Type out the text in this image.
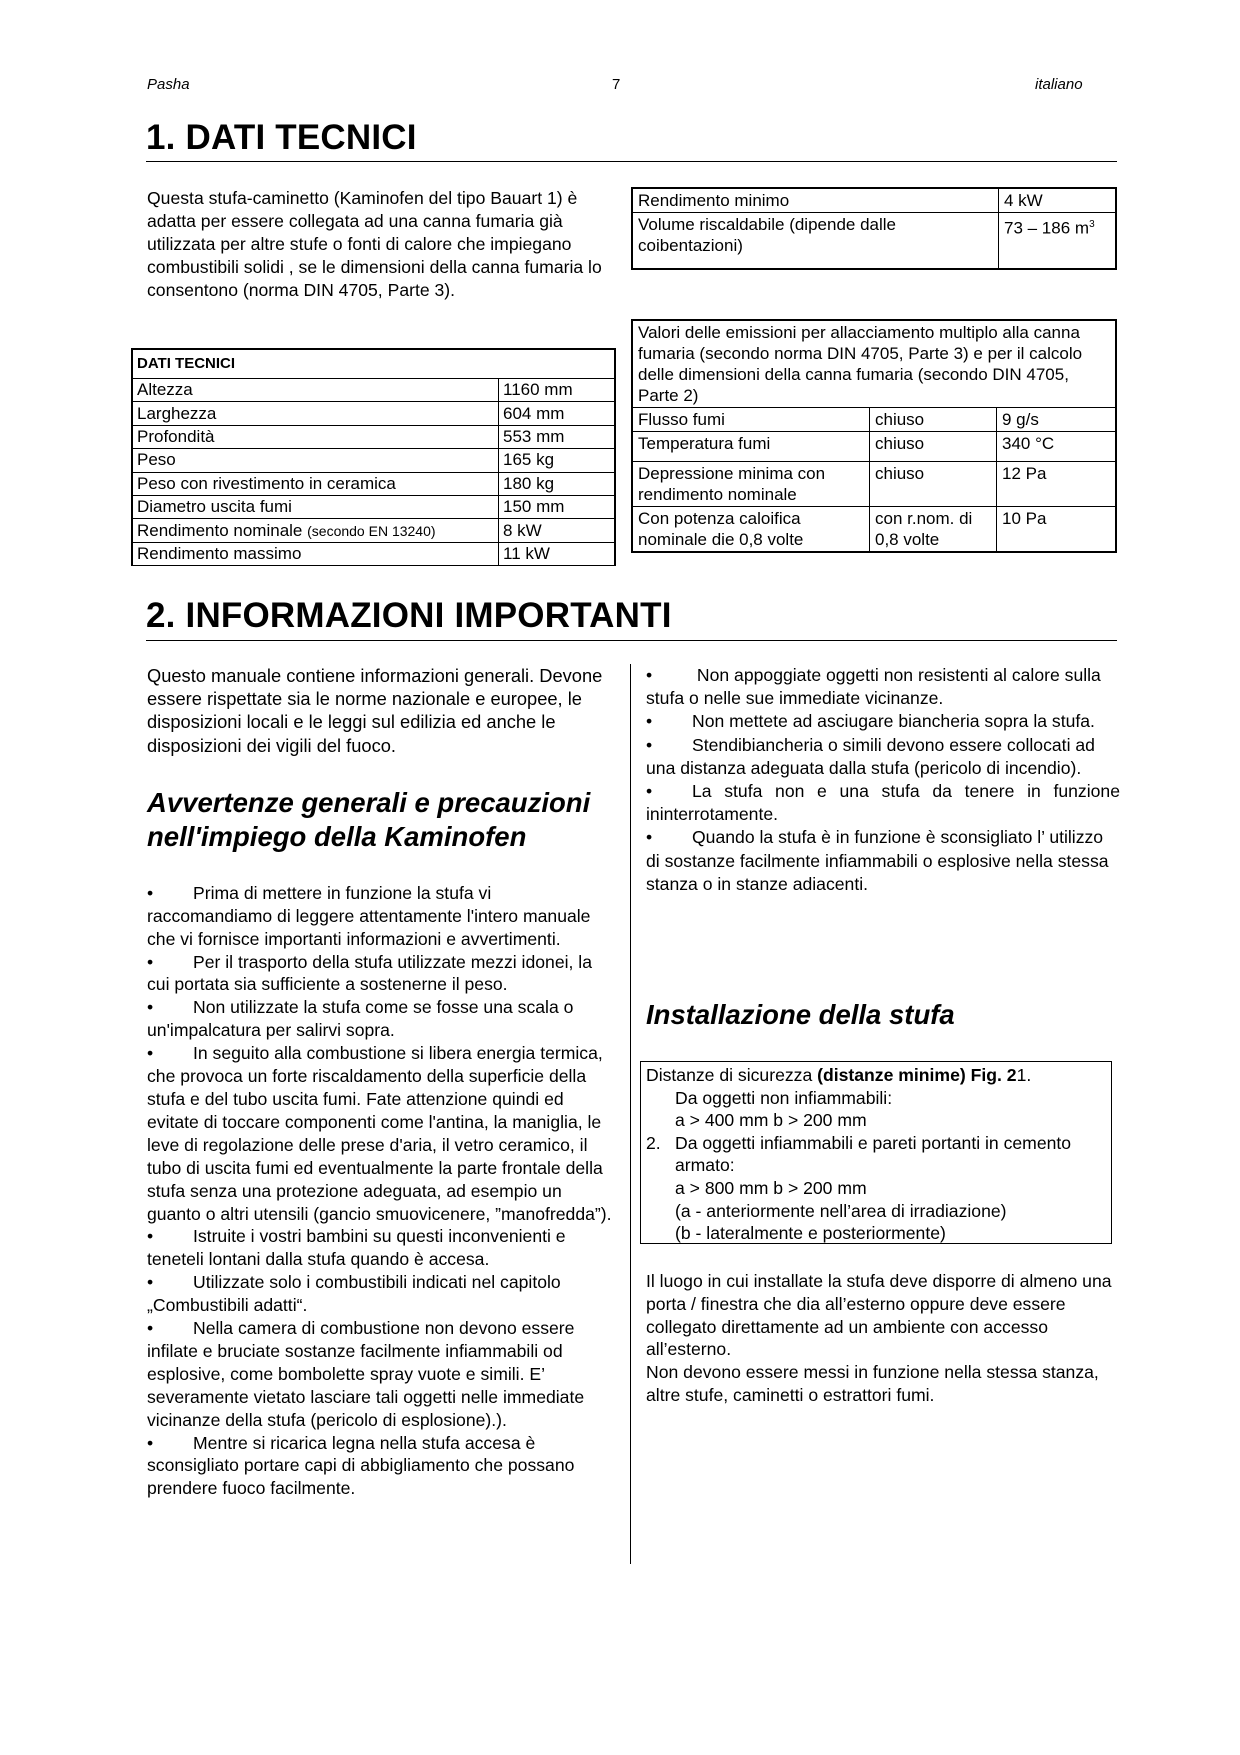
Pasha	7	italiano
1. DATI TECNICI
Questa stufa-caminetto (Kaminofen del tipo Bauart 1) è adatta per essere collegata ad una canna fumaria già utilizzata per altre stufe o fonti di calore che impiegano combustibili solidi , se le dimensioni della canna fumaria lo consentono (norma DIN 4705, Parte 3).
DATI TECNICI	
Altezza	1160 mm
Larghezza	604 mm
Profondità	553 mm
Peso	165 kg
Peso con rivestimento in ceramica	180 kg
Diametro uscita fumi	150 mm
Rendimento nominale (secondo EN 13240)	8 kW
Rendimento massimo	11 kW
Rendimento minimo	4 kW
Volume riscaldabile (dipende dalle coibentazioni)	73 – 186 $m^3$
Valori delle emissioni per allacciamento multiplo alla canna fumaria (secondo norma DIN 4705, Parte 3) e per il calcolo delle dimensioni della canna fumaria (secondo DIN 4705, Parte 2)		
Flusso fumi	chiuso	9 g/s
Temperatura fumi	chiuso	340 °C
Depressione minima con rendimento nominale	chiuso	12 Pa
Con potenza caloifica nominale die 0,8 volte	con r.nom. di 0,8 volte	10 Pa
2. INFORMAZIONI IMPORTANTI
Questo manuale contiene informazioni generali. Devone essere rispettate sia le norme nazionale e europee, le disposizioni locali e le leggi sul edilizia ed anche le disposizioni dei vigili del fuoco.
Avvertenze generali e precauzioni nell'impiego della Kaminofen
• Prima di mettere in funzione la stufa vi raccomandiamo di leggere attentamente l'intero manuale che vi fornisce importanti informazioni e avvertimenti.
• Per il trasporto della stufa utilizzate mezzi idonei, la cui portata sia sufficiente a sostenerne il peso.
• Non utilizzate la stufa come se fosse una scala o un'impalcatura per salirvi sopra.
• In seguito alla combustione si libera energia termica, che provoca un forte riscaldamento della superficie della stufa e del tubo uscita fumi. Fate attenzione quindi ed evitate di toccare componenti come l'antina, la maniglia, le leve di regolazione delle prese d'aria, il vetro ceramico, il tubo di uscita fumi ed eventualmente la parte frontale della stufa senza una protezione adeguata, ad esempio un guanto o altri utensili (gancio smuovicenere, ”manofredda”).
• Istruite i vostri bambini su questi inconvenienti e teneteli lontani dalla stufa quando è accesa.
• Utilizzate solo i combustibili indicati nel capitolo „Combustibili adatti“.
• Nella camera di combustione non devono essere infilate e bruciate sostanze facilmente infiammabili od esplosive, come bombolette spray vuote e simili. E’ severamente vietato lasciare tali oggetti nelle immediate vicinanze della stufa (pericolo di esplosione).).
• Mentre si ricarica legna nella stufa accesa è sconsigliato portare capi di abbigliamento che possano prendere fuoco facilmente.
• Non appoggiate oggetti non resistenti al calore sulla stufa o nelle sue immediate vicinanze.
• Non mettete ad asciugare biancheria sopra la stufa.
• Stendibiancheria o simili devono essere collocati ad una distanza adeguata dalla stufa (pericolo di incendio).
• La stufa non e una stufa da tenere in funzione ininterrotamente.
• Quando la stufa è in funzione è sconsigliato l’ utilizzo di sostanze facilmente infiammabili o esplosive nella stessa stanza o in stanze adiacenti.
Installazione della stufa
Distanze di sicurezza (distanze minime) Fig. 21.
Da oggetti non infiammabili:
a > 400 mm b > 200 mm
2. Da oggetti infiammabili e pareti portanti in cemento armato:
a > 800 mm b > 200 mm
(a - anteriormente nell’area di irradiazione)
(b - lateralmente e posteriormente)
Il luogo in cui installate la stufa deve disporre di almeno una porta / finestra che dia all’esterno oppure deve essere collegato direttamente ad un ambiente con accesso all’esterno.
Non devono essere messi in funzione nella stessa stanza, altre stufe, caminetti o estrattori fumi.
